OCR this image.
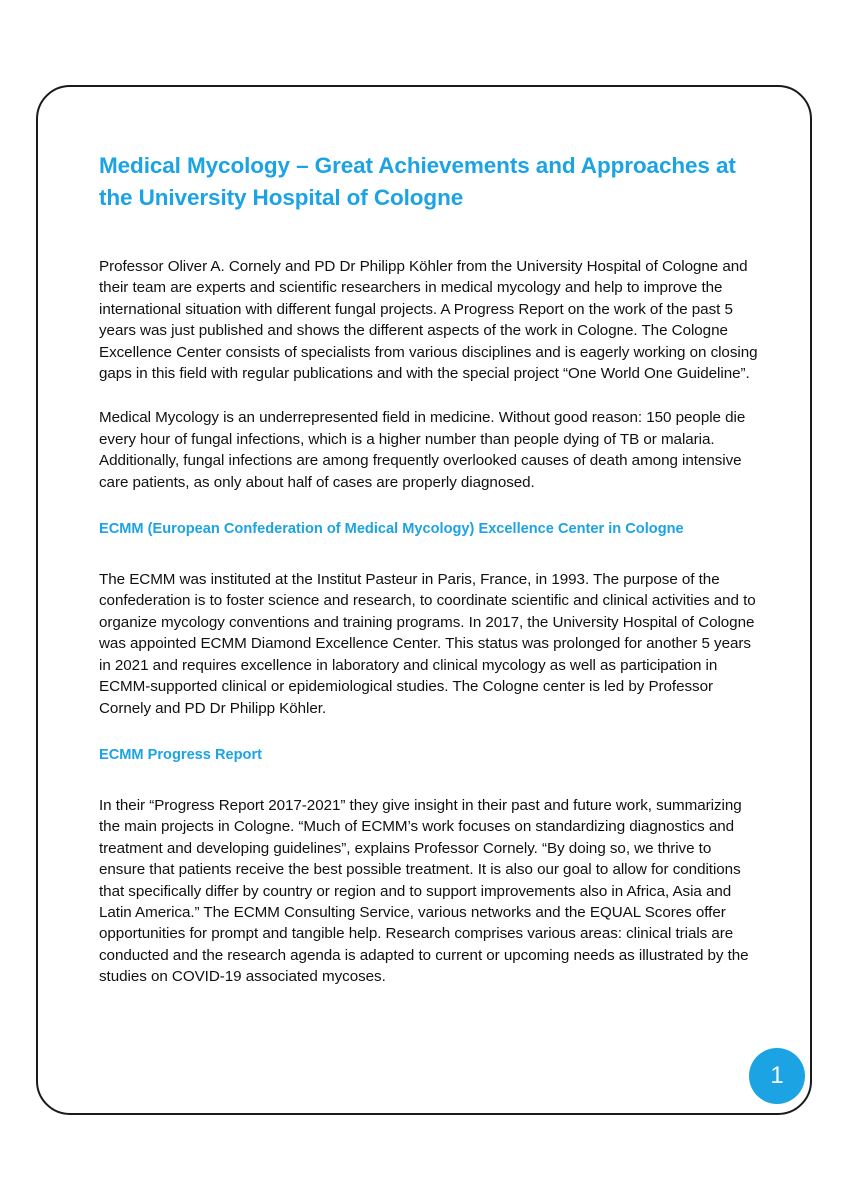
Medical Mycology – Great Achievements and Approaches at the University Hospital of Cologne

Professor Oliver A. Cornely and PD Dr Philipp Köhler from the University Hospital of Cologne and their team are experts and scientific researchers in medical mycology and help to improve the international situation with different fungal projects. A Progress Report on the work of the past 5 years was just published and shows the different aspects of the work in Cologne. The Cologne Excellence Center consists of specialists from various disciplines and is eagerly working on closing gaps in this field with regular publications and with the special project “One World One Guideline”.

Medical Mycology is an underrepresented field in medicine. Without good reason: 150 people die every hour of fungal infections, which is a higher number than people dying of TB or malaria. Additionally, fungal infections are among frequently overlooked causes of death among intensive care patients, as only about half of cases are properly diagnosed.

ECMM (European Confederation of Medical Mycology) Excellence Center in Cologne

The ECMM was instituted at the Institut Pasteur in Paris, France, in 1993. The purpose of the confederation is to foster science and research, to coordinate scientific and clinical activities and to organize mycology conventions and training programs. In 2017, the University Hospital of Cologne was appointed ECMM Diamond Excellence Center. This status was prolonged for another 5 years in 2021 and requires excellence in laboratory and clinical mycology as well as participation in ECMM-supported clinical or epidemiological studies. The Cologne center is led by Professor Cornely and PD Dr Philipp Köhler.

ECMM Progress Report

In their “Progress Report 2017-2021” they give insight in their past and future work, summarizing the main projects in Cologne. “Much of ECMM’s work focuses on standardizing diagnostics and treatment and developing guidelines”, explains Professor Cornely. “By doing so, we thrive to ensure that patients receive the best possible treatment. It is also our goal to allow for conditions that specifically differ by country or region and to support improvements also in Africa, Asia and Latin America.” The ECMM Consulting Service, various networks and the EQUAL Scores offer opportunities for prompt and tangible help. Research comprises various areas: clinical trials are conducted and the research agenda is adapted to current or upcoming needs as illustrated by the studies on COVID-19 associated mycoses.

1
